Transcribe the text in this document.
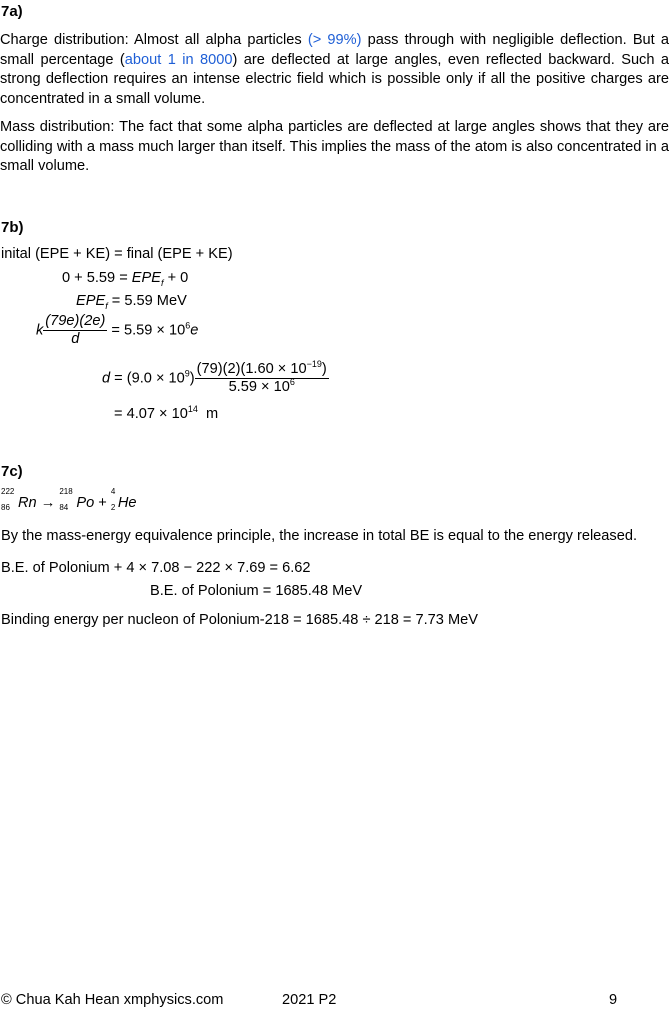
7a)
Charge distribution: Almost all alpha particles (> 99%) pass through with negligible deflection. But a small percentage (about 1 in 8000) are deflected at large angles, even reflected backward. Such a strong deflection requires an intense electric field which is possible only if all the positive charges are concentrated in a small volume.
Mass distribution: The fact that some alpha particles are deflected at large angles shows that they are colliding with a mass much larger than itself. This implies the mass of the atom is also concentrated in a small volume.
7b)
inital (EPE + KE) = final (EPE + KE)
$0 + 5.59 = EPE_f + 0$
$EPE_f = 5.59$ MeV
k $\frac{(79e)(2e)}{d} = 5.59 \times 10^6e$
$d = (9.0 \times 10^9) \frac{(79)(2)(1.60 \times 10^{-19})}{5.59 \times 10^6}$
= $4.07 \times 10^{14}$  m
7c)
222
86 Rn →
218
84 Po +
4
2 He
By the mass-energy equivalence principle, the increase in total BE is equal to the energy released.
B.E. of Polonium + 4 × 7.08 − 222 × 7.69 = 6.62
B.E. of Polonium = 1685.48 MeV
Binding energy per nucleon of Polonium-218 = 1685.48 ÷ 218 = 7.73 MeV
© Chua Kah Hean xmphysics.com	2021 P2	9
